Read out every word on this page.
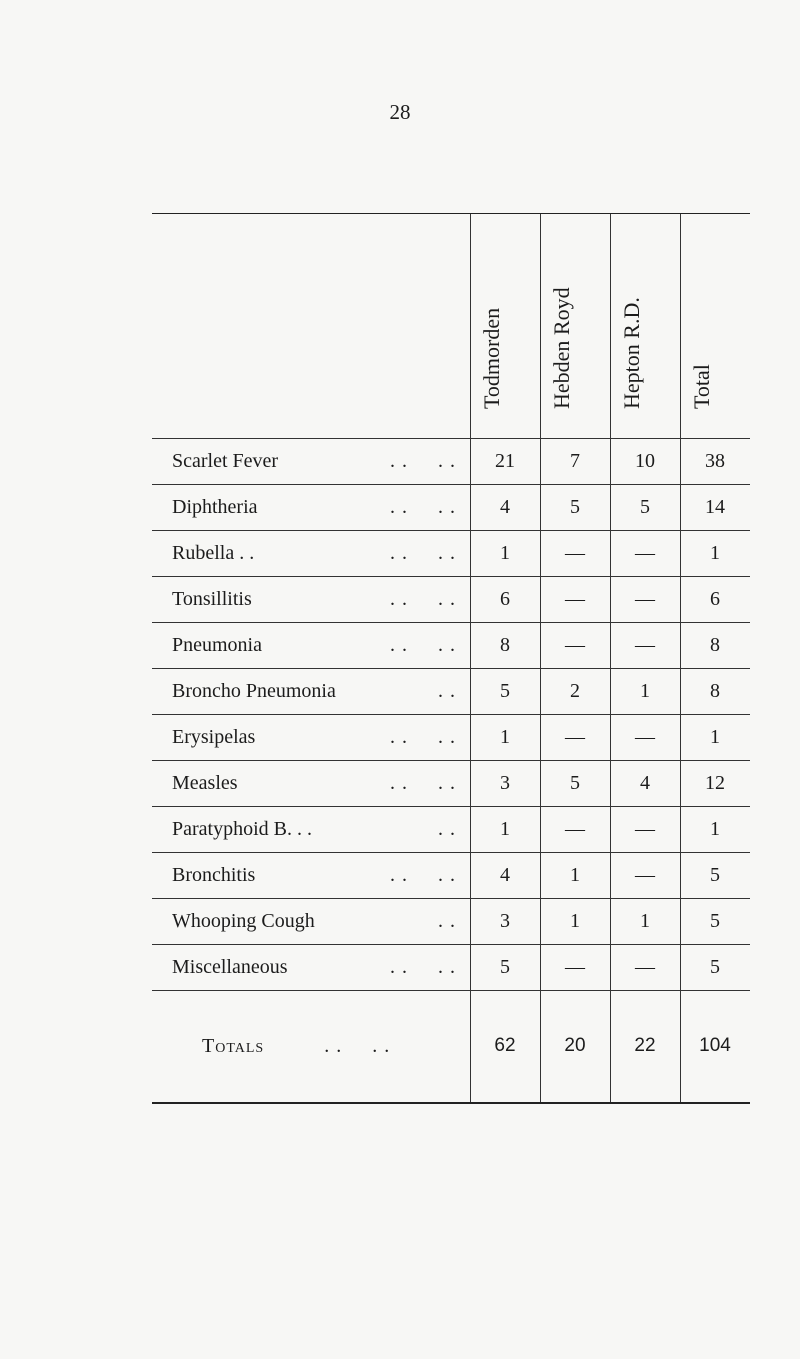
28
Todmorden Hebden Royd Hepton R.D. Total
Scarlet Fever	. .     . .	21	7	10	38
Diphtheria	. .     . .	4	5	5	14
Rubella . .	. .     . .	1	—	—	1
Tonsillitis	. .     . .	6	—	—	6
Pneumonia	. .     . .	8	—	—	8
Broncho Pneumonia	. .	5	2	1	8
Erysipelas	. .     . .	1	—	—	1
Measles	. .     . .	3	5	4	12
Paratyphoid B. . .	. .	1	—	—	1
Bronchitis	. .     . .	4	1	—	5
Whooping Cough	. .	3	1	1	5
Miscellaneous	. .     . .	5	—	—	5
Totals	. .     . .	62	20	22	104
